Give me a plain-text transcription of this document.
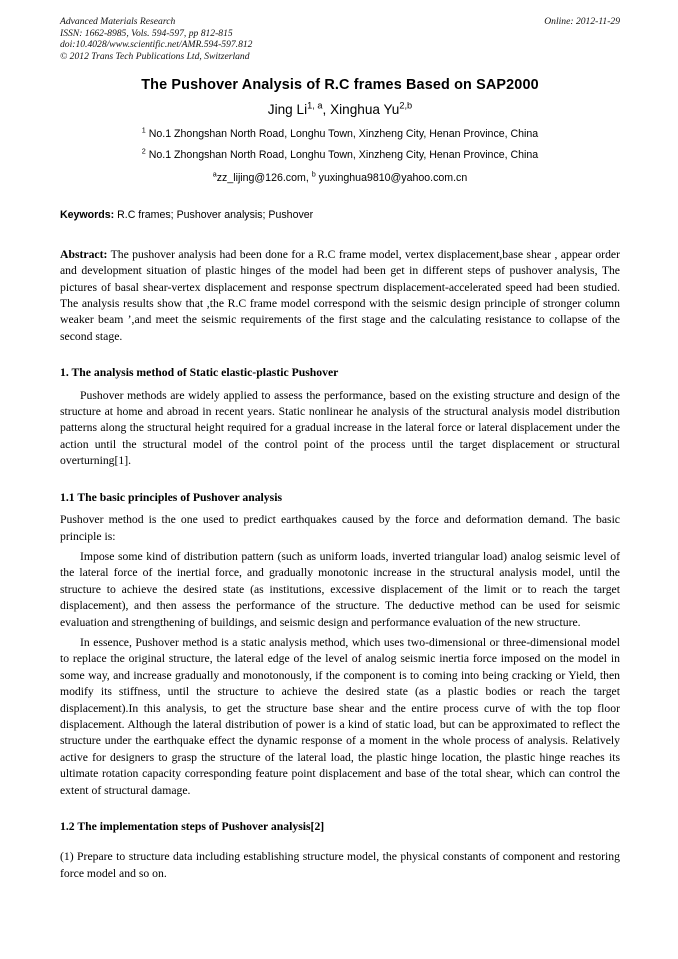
Advanced Materials Research
ISSN: 1662-8985, Vols. 594-597, pp 812-815
doi:10.4028/www.scientific.net/AMR.594-597.812
© 2012 Trans Tech Publications Ltd, Switzerland
Online: 2012-11-29
The Pushover Analysis of R.C frames Based on SAP2000
Jing Li$^{1, a}$, Xinghua Yu$^{2,b}$
$^1$ No.1 Zhongshan North Road, Longhu Town, Xinzheng City, Henan Province, China
$^2$ No.1 Zhongshan North Road, Longhu Town, Xinzheng City, Henan Province, China
$^a$zz_lijing@126.com, $^b$ yuxinghua9810@yahoo.com.cn
Keywords: R.C frames; Pushover analysis; Pushover
Abstract: The pushover analysis had been done for a R.C frame model, vertex displacement,base shear , appear order and development situation of plastic hinges of the model had been get in different steps of pushover analysis, The pictures of basal shear-vertex displacement and response spectrum displacement-accelerated speed had been studied. The analysis results show that ,the R.C frame model correspond with the seismic design principle of stronger column weaker beam ’,and meet the seismic requirements of the first stage and the calculating resistance to collapse of the second stage.
1. The analysis method of Static elastic-plastic Pushover
Pushover methods are widely applied to assess the performance, based on the existing structure and design of the structure at home and abroad in recent years. Static nonlinear he analysis of the structural analysis model distribution patterns along the structural height required for a gradual increase in the lateral force or lateral displacement under the action until the structural model of the control point of the process until the target displacement or structural overturning[1].
1.1 The basic principles of Pushover analysis
Pushover method is the one used to predict earthquakes caused by the force and deformation demand. The basic principle is:
Impose some kind of distribution pattern (such as uniform loads, inverted triangular load) analog seismic level of the lateral force of the inertial force, and gradually monotonic increase in the structural analysis model, until the structure to achieve the desired state (as institutions, excessive displacement of the limit or to reach the target displacement), and then assess the performance of the structure. The deductive method can be used for seismic evaluation and strengthening of buildings, and seismic design and performance evaluation of the new structure.
In essence, Pushover method is a static analysis method, which uses two-dimensional or three-dimensional model to replace the original structure, the lateral edge of the level of analog seismic inertia force imposed on the model in some way, and increase gradually and monotonously, if the component is to coming into being cracking or Yield, then modify its stiffness, until the structure to achieve the desired state (as a plastic bodies or reach the target displacement).In this analysis, to get the structure base shear and the entire process curve of with the top floor displacement. Although the lateral distribution of power is a kind of static load, but can be approximated to reflect the structure under the earthquake effect the dynamic response of a moment in the whole process of analysis. Relatively active for designers to grasp the structure of the lateral load, the plastic hinge location, the plastic hinge reaches its ultimate rotation capacity corresponding feature point displacement and base of the total shear, which can control the extent of structural damage.
1.2 The implementation steps of Pushover analysis[2]
(1) Prepare to structure data including establishing structure model, the physical constants of component and restoring force model and so on.
